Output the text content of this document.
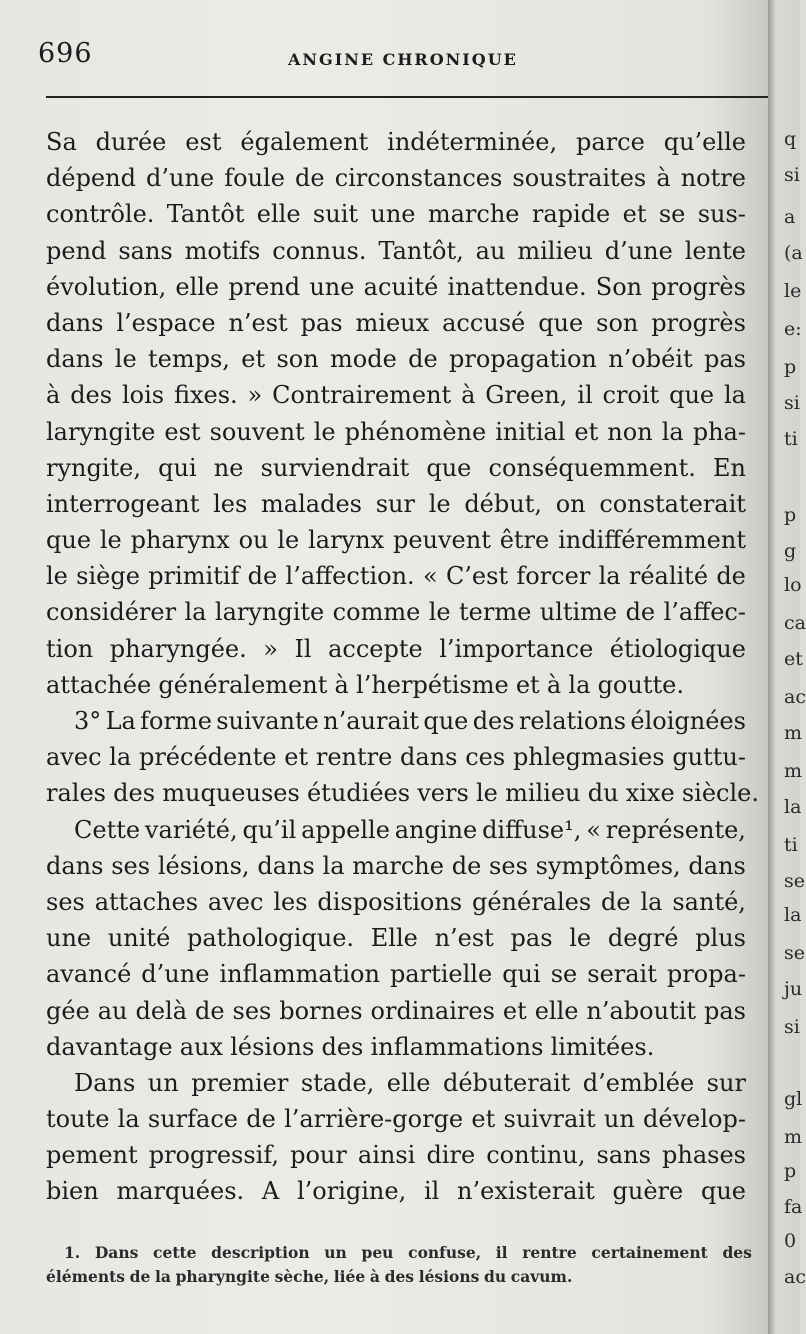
696	ANGINE CHRONIQUE
Sa durée est également indéterminée, parce qu’elle
dépend d’une foule de circonstances soustraites à notre
contrôle. Tantôt elle suit une marche rapide et se sus-
pend sans motifs connus. Tantôt, au milieu d’une lente
évolution, elle prend une acuité inattendue. Son progrès
dans l’espace n’est pas mieux accusé que son progrès
dans le temps, et son mode de propagation n’obéit pas
à des lois fixes. » Contrairement à Green, il croit que la
laryngite est souvent le phénomène initial et non la pha-
ryngite, qui ne surviendrait que conséquemment. En
interrogeant les malades sur le début, on constaterait
que le pharynx ou le larynx peuvent être indifféremment
le siège primitif de l’affection. « C’est forcer la réalité de
considérer la laryngite comme le terme ultime de l’affec-
tion pharyngée. » Il accepte l’importance étiologique
attachée généralement à l’herpétisme et à la goutte.
3° La forme suivante n’aurait que des relations éloignées
avec la précédente et rentre dans ces phlegmasies guttu-
rales des muqueuses étudiées vers le milieu du xixe siècle.
Cette variété, qu’il appelle angine diffuse¹, « représente,
dans ses lésions, dans la marche de ses symptômes, dans
ses attaches avec les dispositions générales de la santé,
une unité pathologique. Elle n’est pas le degré plus
avancé d’une inflammation partielle qui se serait propa-
gée au delà de ses bornes ordinaires et elle n’aboutit pas
davantage aux lésions des inflammations limitées.
Dans un premier stade, elle débuterait d’emblée sur
toute la surface de l’arrière-gorge et suivrait un dévelop-
pement progressif, pour ainsi dire continu, sans phases
bien marquées. A l’origine, il n’existerait guère que
1. Dans cette description un peu confuse, il rentre certainement des
éléments de la pharyngite sèche, liée à des lésions du cavum.
q
si
a
(a
le
e:
p
si
ti
p
g
lo
ca
et
ac
m
m
la
ti
se
la
se
ju
si
gl
m
p
fa
0
ac
